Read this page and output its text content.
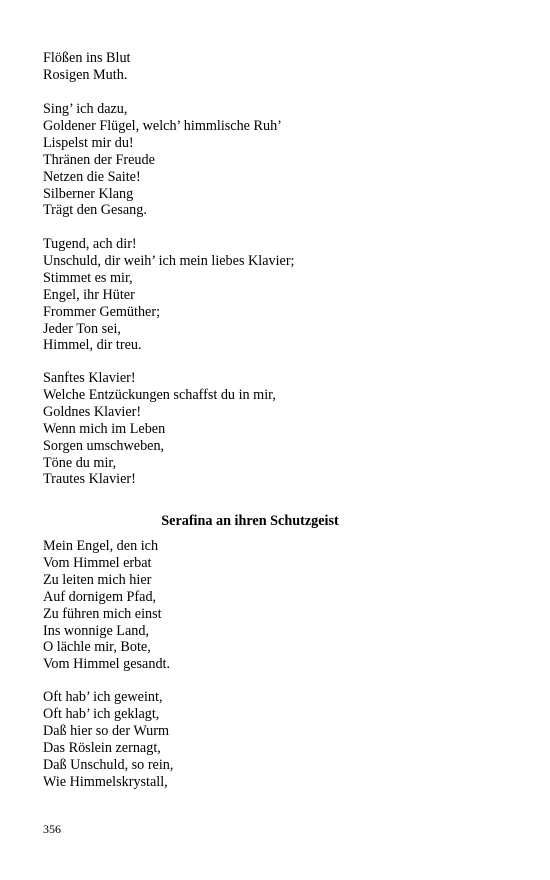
Flößen ins Blut
Rosigen Muth.
Sing’ ich dazu,
Goldener Flügel, welch’ himmlische Ruh’
Lispelst mir du!
Thränen der Freude
Netzen die Saite!
Silberner Klang
Trägt den Gesang.
Tugend, ach dir!
Unschuld, dir weih’ ich mein liebes Klavier;
Stimmet es mir,
Engel, ihr Hüter
Frommer Gemüther;
Jeder Ton sei,
Himmel, dir treu.
Sanftes Klavier!
Welche Entzückungen schaffst du in mir,
Goldnes Klavier!
Wenn mich im Leben
Sorgen umschweben,
Töne du mir,
Trautes Klavier!
Serafina an ihren Schutzgeist
Mein Engel, den ich
Vom Himmel erbat
Zu leiten mich hier
Auf dornigem Pfad,
Zu führen mich einst
Ins wonnige Land,
O lächle mir, Bote,
Vom Himmel gesandt.
Oft hab’ ich geweint,
Oft hab’ ich geklagt,
Daß hier so der Wurm
Das Röslein zernagt,
Daß Unschuld, so rein,
Wie Himmelskrystall,
356
